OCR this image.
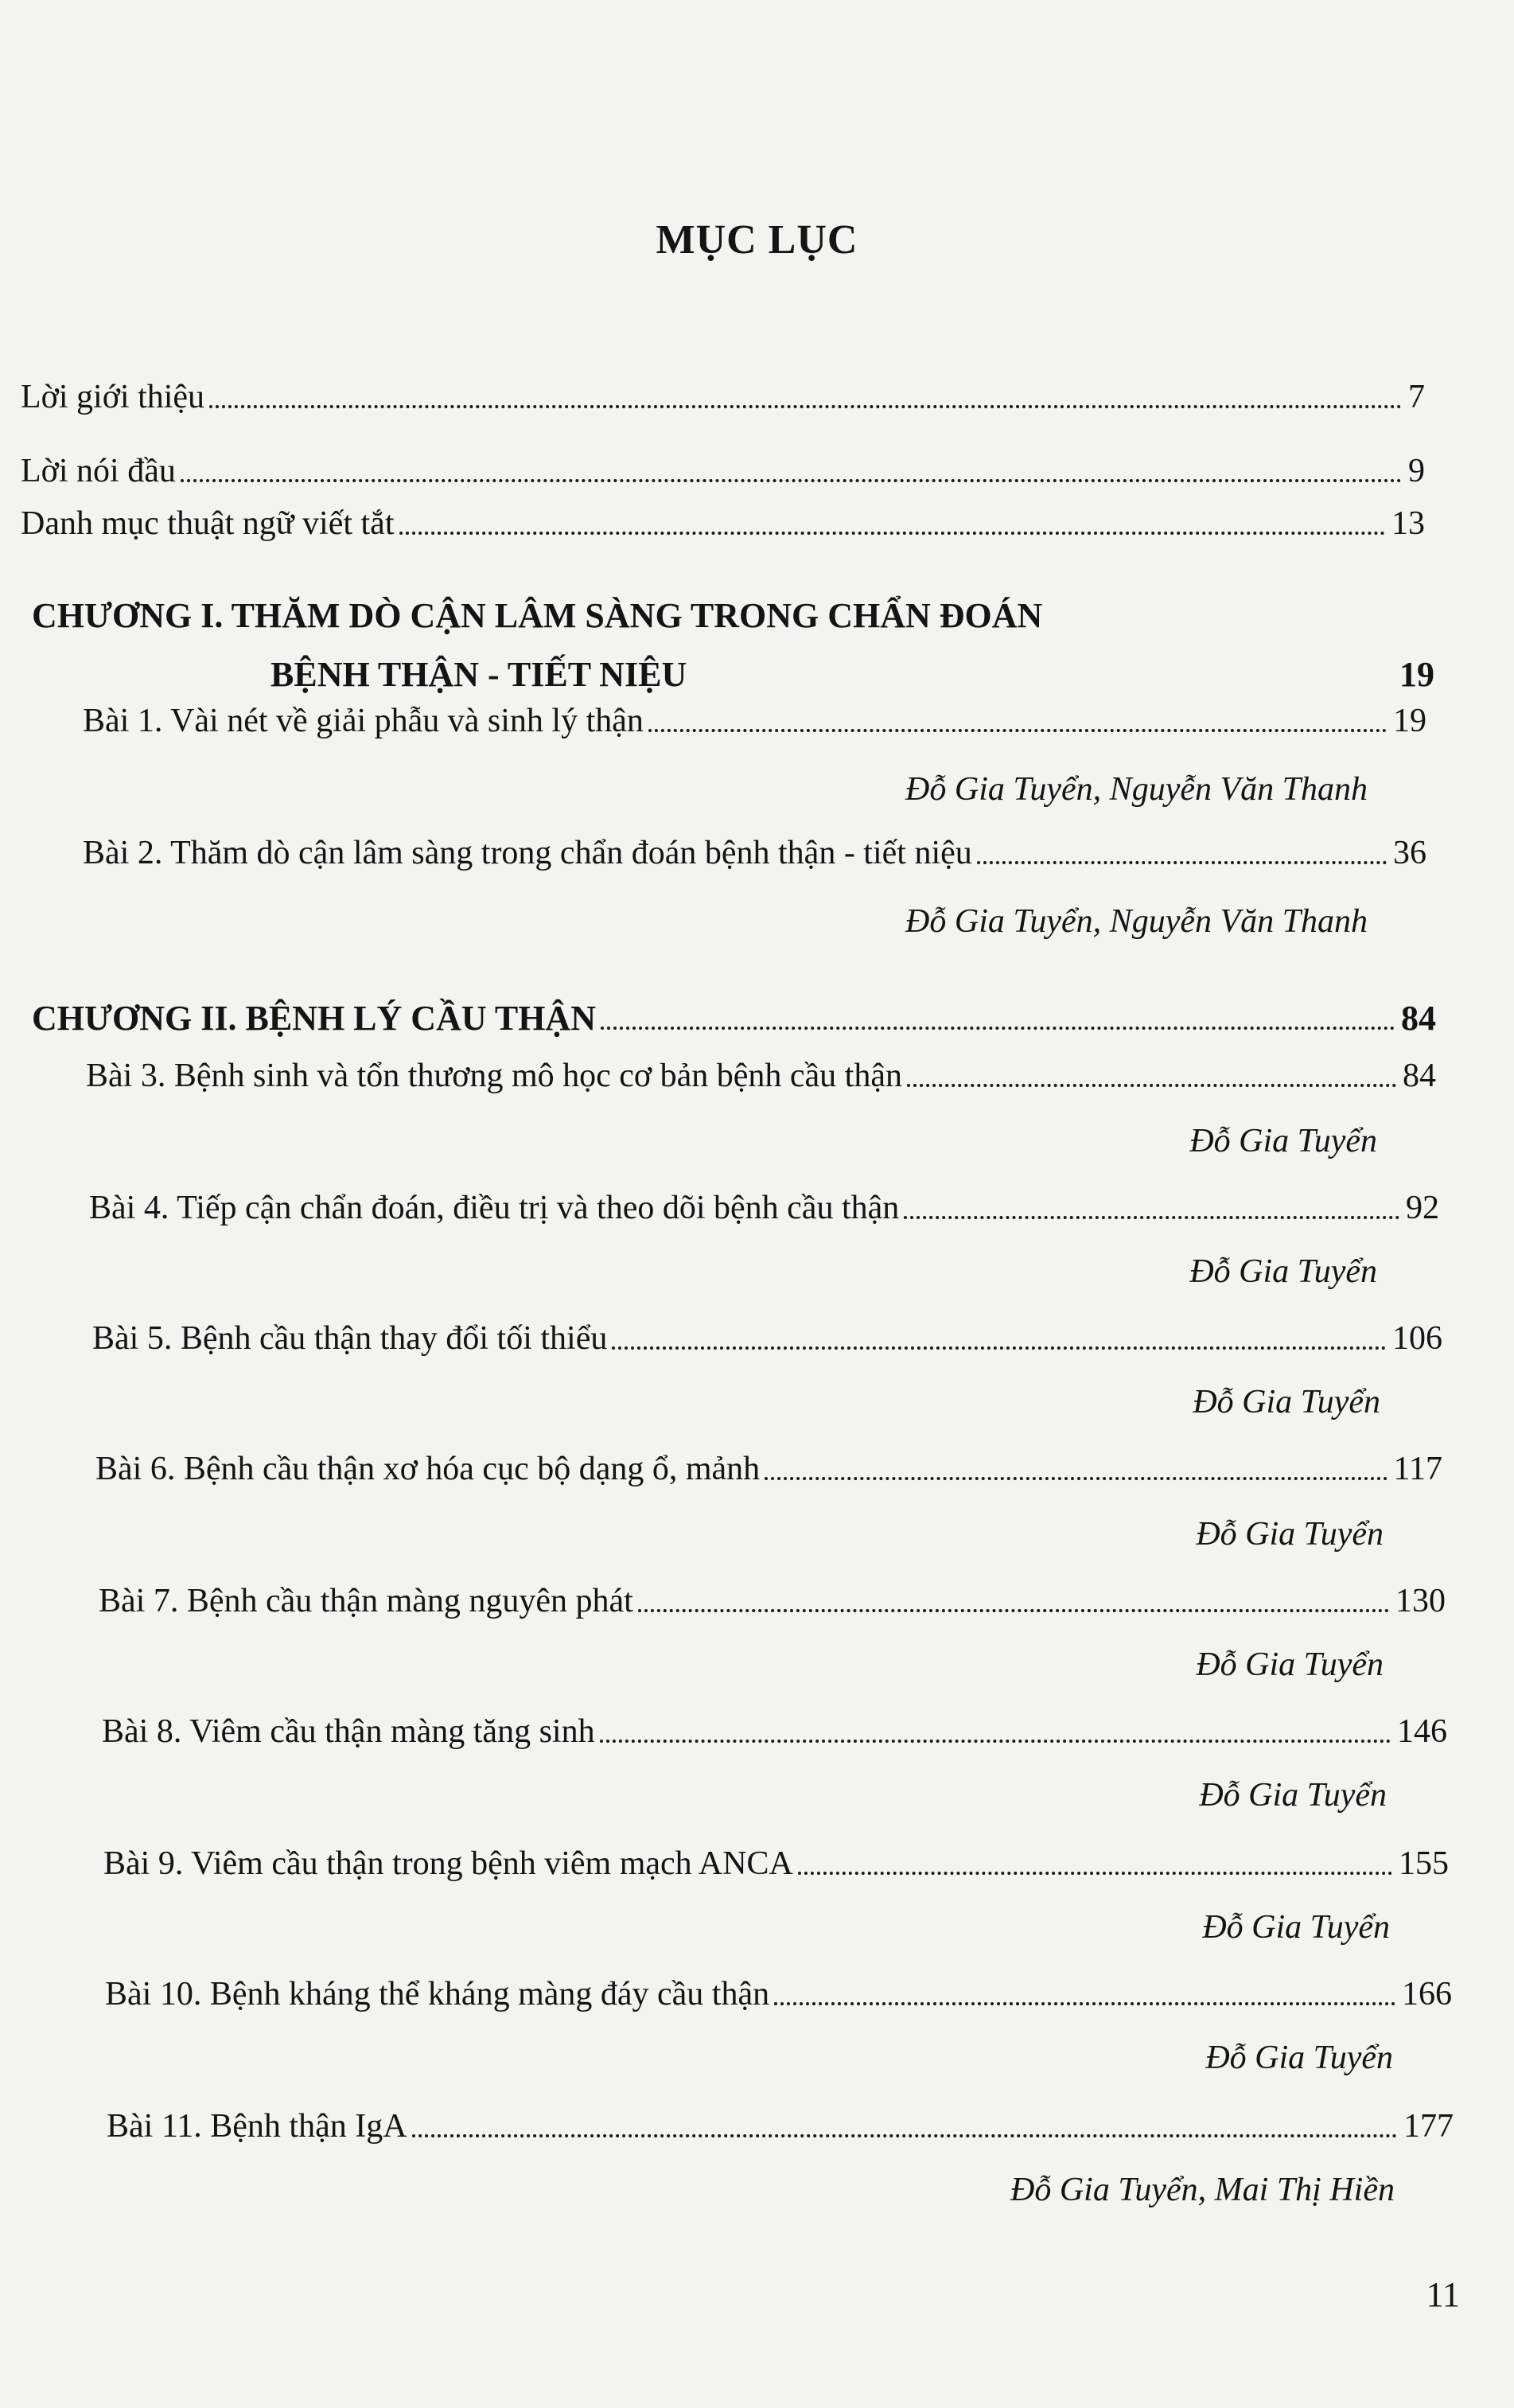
MỤC LỤC
Lời giới thiệu	7
Lời nói đầu	9
Danh mục thuật ngữ viết tắt	13
CHƯƠNG I. THĂM DÒ CẬN LÂM SÀNG TRONG CHẨN ĐOÁN
BỆNH THẬN - TIẾT NIỆU	19
Bài 1. Vài nét về giải phẫu và sinh lý thận	19
Đỗ Gia Tuyển, Nguyễn Văn Thanh
Bài 2. Thăm dò cận lâm sàng trong chẩn đoán bệnh thận - tiết niệu	36
Đỗ Gia Tuyển, Nguyễn Văn Thanh
CHƯƠNG II. BỆNH LÝ CẦU THẬN	84
Bài 3. Bệnh sinh và tổn thương mô học cơ bản bệnh cầu thận	84
Đỗ Gia Tuyển
Bài 4. Tiếp cận chẩn đoán, điều trị và theo dõi bệnh cầu thận	92
Đỗ Gia Tuyển
Bài 5. Bệnh cầu thận thay đổi tối thiểu	106
Đỗ Gia Tuyển
Bài 6. Bệnh cầu thận xơ hóa cục bộ dạng ổ, mảnh	117
Đỗ Gia Tuyển
Bài 7. Bệnh cầu thận màng nguyên phát	130
Đỗ Gia Tuyển
Bài 8. Viêm cầu thận màng tăng sinh	146
Đỗ Gia Tuyển
Bài 9. Viêm cầu thận trong bệnh viêm mạch ANCA	155
Đỗ Gia Tuyển
Bài 10. Bệnh kháng thể kháng màng đáy cầu thận	166
Đỗ Gia Tuyển
Bài 11. Bệnh thận IgA	177
Đỗ Gia Tuyển, Mai Thị Hiền
11
